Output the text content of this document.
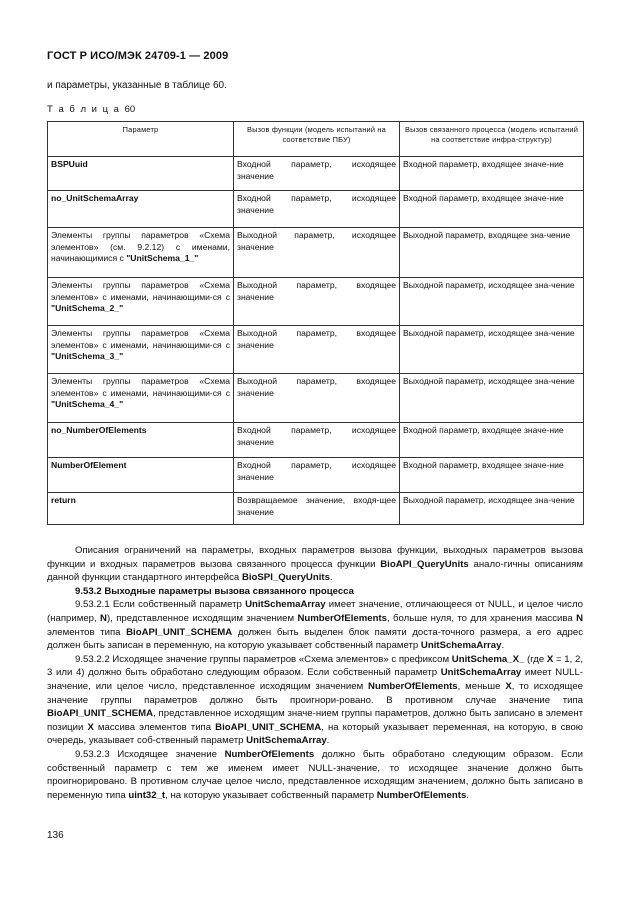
ГОСТ Р ИСО/МЭК 24709-1 — 2009
и параметры, указанные в таблице 60.
Т а б л и ц а 60
Параметр	Вызов функции (модель испытаний на соответствие ПБУ)	Вызов связанного процесса (модель испытаний на соответствие инфра-структур)
BSPUuid	Входной параметр, исходящее значение	Входной параметр, входящее значе-ние
no_UnitSchemaArray	Входной параметр, исходящее значение	Входной параметр, входящее значе-ние
Элементы группы параметров «Схема элементов» (см. 9.2.12) с именами, начинающимися с "UnitSchema_1_"	Выходной параметр, исходящее значение	Выходной параметр, входящее зна-чение
Элементы группы параметров «Схема элементов» с именами, начинающими-ся с "UnitSchema_2_"	Выходной параметр, входящее значение	Выходной параметр, исходящее зна-чение
Элементы группы параметров «Схема элементов» с именами, начинающими-ся с "UnitSchema_3_"	Выходной параметр, входящее значение	Выходной параметр, исходящее зна-чение
Элементы группы параметров «Схема элементов» с именами, начинающими-ся с "UnitSchema_4_"	Выходной параметр, входящее значение	Выходной параметр, исходящее зна-чение
no_NumberOfElements	Входной параметр, исходящее значение	Входной параметр, входящее значе-ние
NumberOfElement	Входной параметр, исходящее значение	Входной параметр, входящее значе-ние
return	Возвращаемое значение, входя-щее значение	Выходной параметр, исходящее зна-чение

Описания ограничений на параметры, входных параметров вызова функции, выходных параметров вызова функции и входных параметров вызова связанного процесса функции BioAPI_QueryUnits анало-гичны описаниям данной функции стандартного интерфейса BioSPI_QueryUnits.

9.53.2 Выходные параметры вызова связанного процесса

9.53.2.1 Если собственный параметр UnitSchemaArray имеет значение, отличающееся от NULL, и целое число (например, N), представленное исходящим значением NumberOfElements, больше нуля, то для хранения массива N элементов типа BioAPI_UNIT_SCHEMA должен быть выделен блок памяти доста-точного размера, а его адрес должен быть записан в переменную, на которую указывает собственный параметр UnitSchemaArray.

9.53.2.2 Исходящее значение группы параметров «Схема элементов» с префиксом UnitSchema_X_ (где X = 1, 2, 3 или 4) должно быть обработано следующим образом. Если собственный параметр UnitSchemaArray имеет NULL-значение, или целое число, представленное исходящим значением NumberOfElements, меньше X, то исходящее значение группы параметров должно быть проигнори-ровано. В противном случае значение типа BioAPI_UNIT_SCHEMA, представленное исходящим значе-нием группы параметров, должно быть записано в элемент позиции X массива элементов типа BioAPI_UNIT_SCHEMA, на который указывает переменная, на которую, в свою очередь, указывает соб-ственный параметр UnitSchemaArray.

9.53.2.3 Исходящее значение NumberOfElements должно быть обработано следующим образом. Если собственный параметр с тем же именем имеет NULL-значение, то исходящее значение должно быть проигнорировано. В противном случае целое число, представленное исходящим значением, должно быть записано в переменную типа uint32_t, на которую указывает собственный параметр NumberOfElements.

136
